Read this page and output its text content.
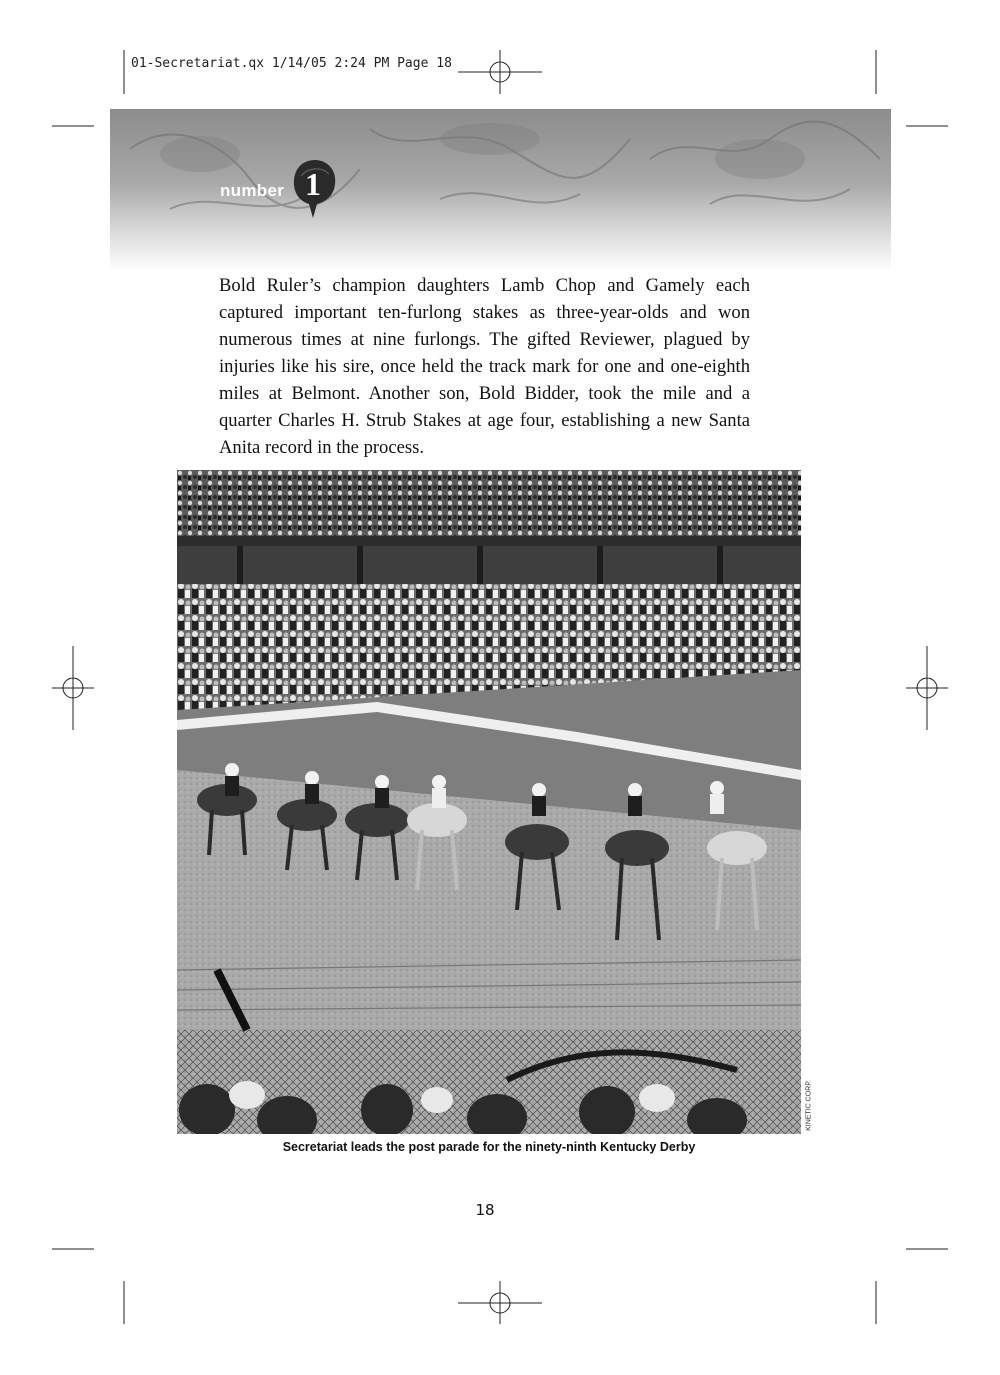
01-Secretariat.qx 1/14/05 2:24 PM Page 18
number 1

Bold Ruler’s champion daughters Lamb Chop and Gamely each captured important ten-furlong stakes as three-year-olds and won numerous times at nine furlongs. The gifted Reviewer, plagued by injuries like his sire, once held the track mark for one and one-eighth miles at Belmont. Another son, Bold Bidder, took the mile and a quarter Charles H. Strub Stakes at age four, establishing a new Santa Anita record in the process.

KINETIC CORP.
Secretariat leads the post parade for the ninety-ninth Kentucky Derby
18
